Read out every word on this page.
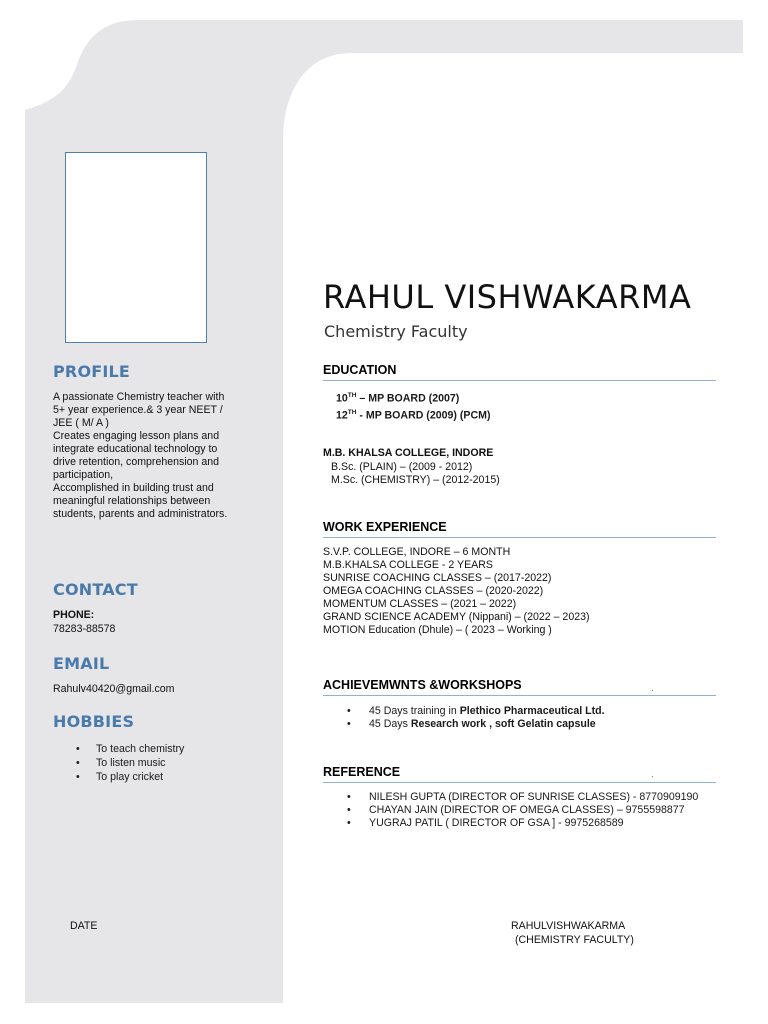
PROFILE
A passionate Chemistry teacher with
5+ year experience.& 3 year NEET /
JEE ( M/ A )
Creates engaging lesson plans and
integrate educational technology to
drive retention, comprehension and
participation,
Accomplished in building trust and
meaningful relationships between
students, parents and administrators.
CONTACT
PHONE:
78283-88578
EMAIL
Rahulv40420@gmail.com
HOBBIES
• To teach chemistry
• To listen music
• To play cricket
DATE
RAHUL VISHWAKARMA
Chemistry Faculty
EDUCATION
10TH – MP BOARD (2007)
12TH - MP BOARD (2009) (PCM)
M.B. KHALSA COLLEGE, INDORE
B.Sc. (PLAIN) – (2009 - 2012)
M.Sc. (CHEMISTRY) – (2012-2015)
WORK EXPERIENCE
S.V.P. COLLEGE, INDORE – 6 MONTH
M.B.KHALSA COLLEGE - 2 YEARS
SUNRISE COACHING CLASSES – (2017-2022)
OMEGA COACHING CLASSES – (2020-2022)
MOMENTUM CLASSES – (2021 – 2022)
GRAND SCIENCE ACADEMY (Nippani) – (2022 – 2023)
MOTION Education (Dhule) – ( 2023 – Working )
ACHIEVEMWNTS &WORKSHOPS	.
• 45 Days training in Plethico Pharmaceutical Ltd.
• 45 Days Research work , soft Gelatin capsule
REFERENCE	.
• NILESH GUPTA (DIRECTOR OF SUNRISE CLASSES) - 8770909190
• CHAYAN JAIN (DIRECTOR OF OMEGA CLASSES) – 9755598877
• YUGRAJ PATIL ( DIRECTOR OF GSA ] - 9975268589
RAHULVISHWAKARMA
(CHEMISTRY FACULTY)
